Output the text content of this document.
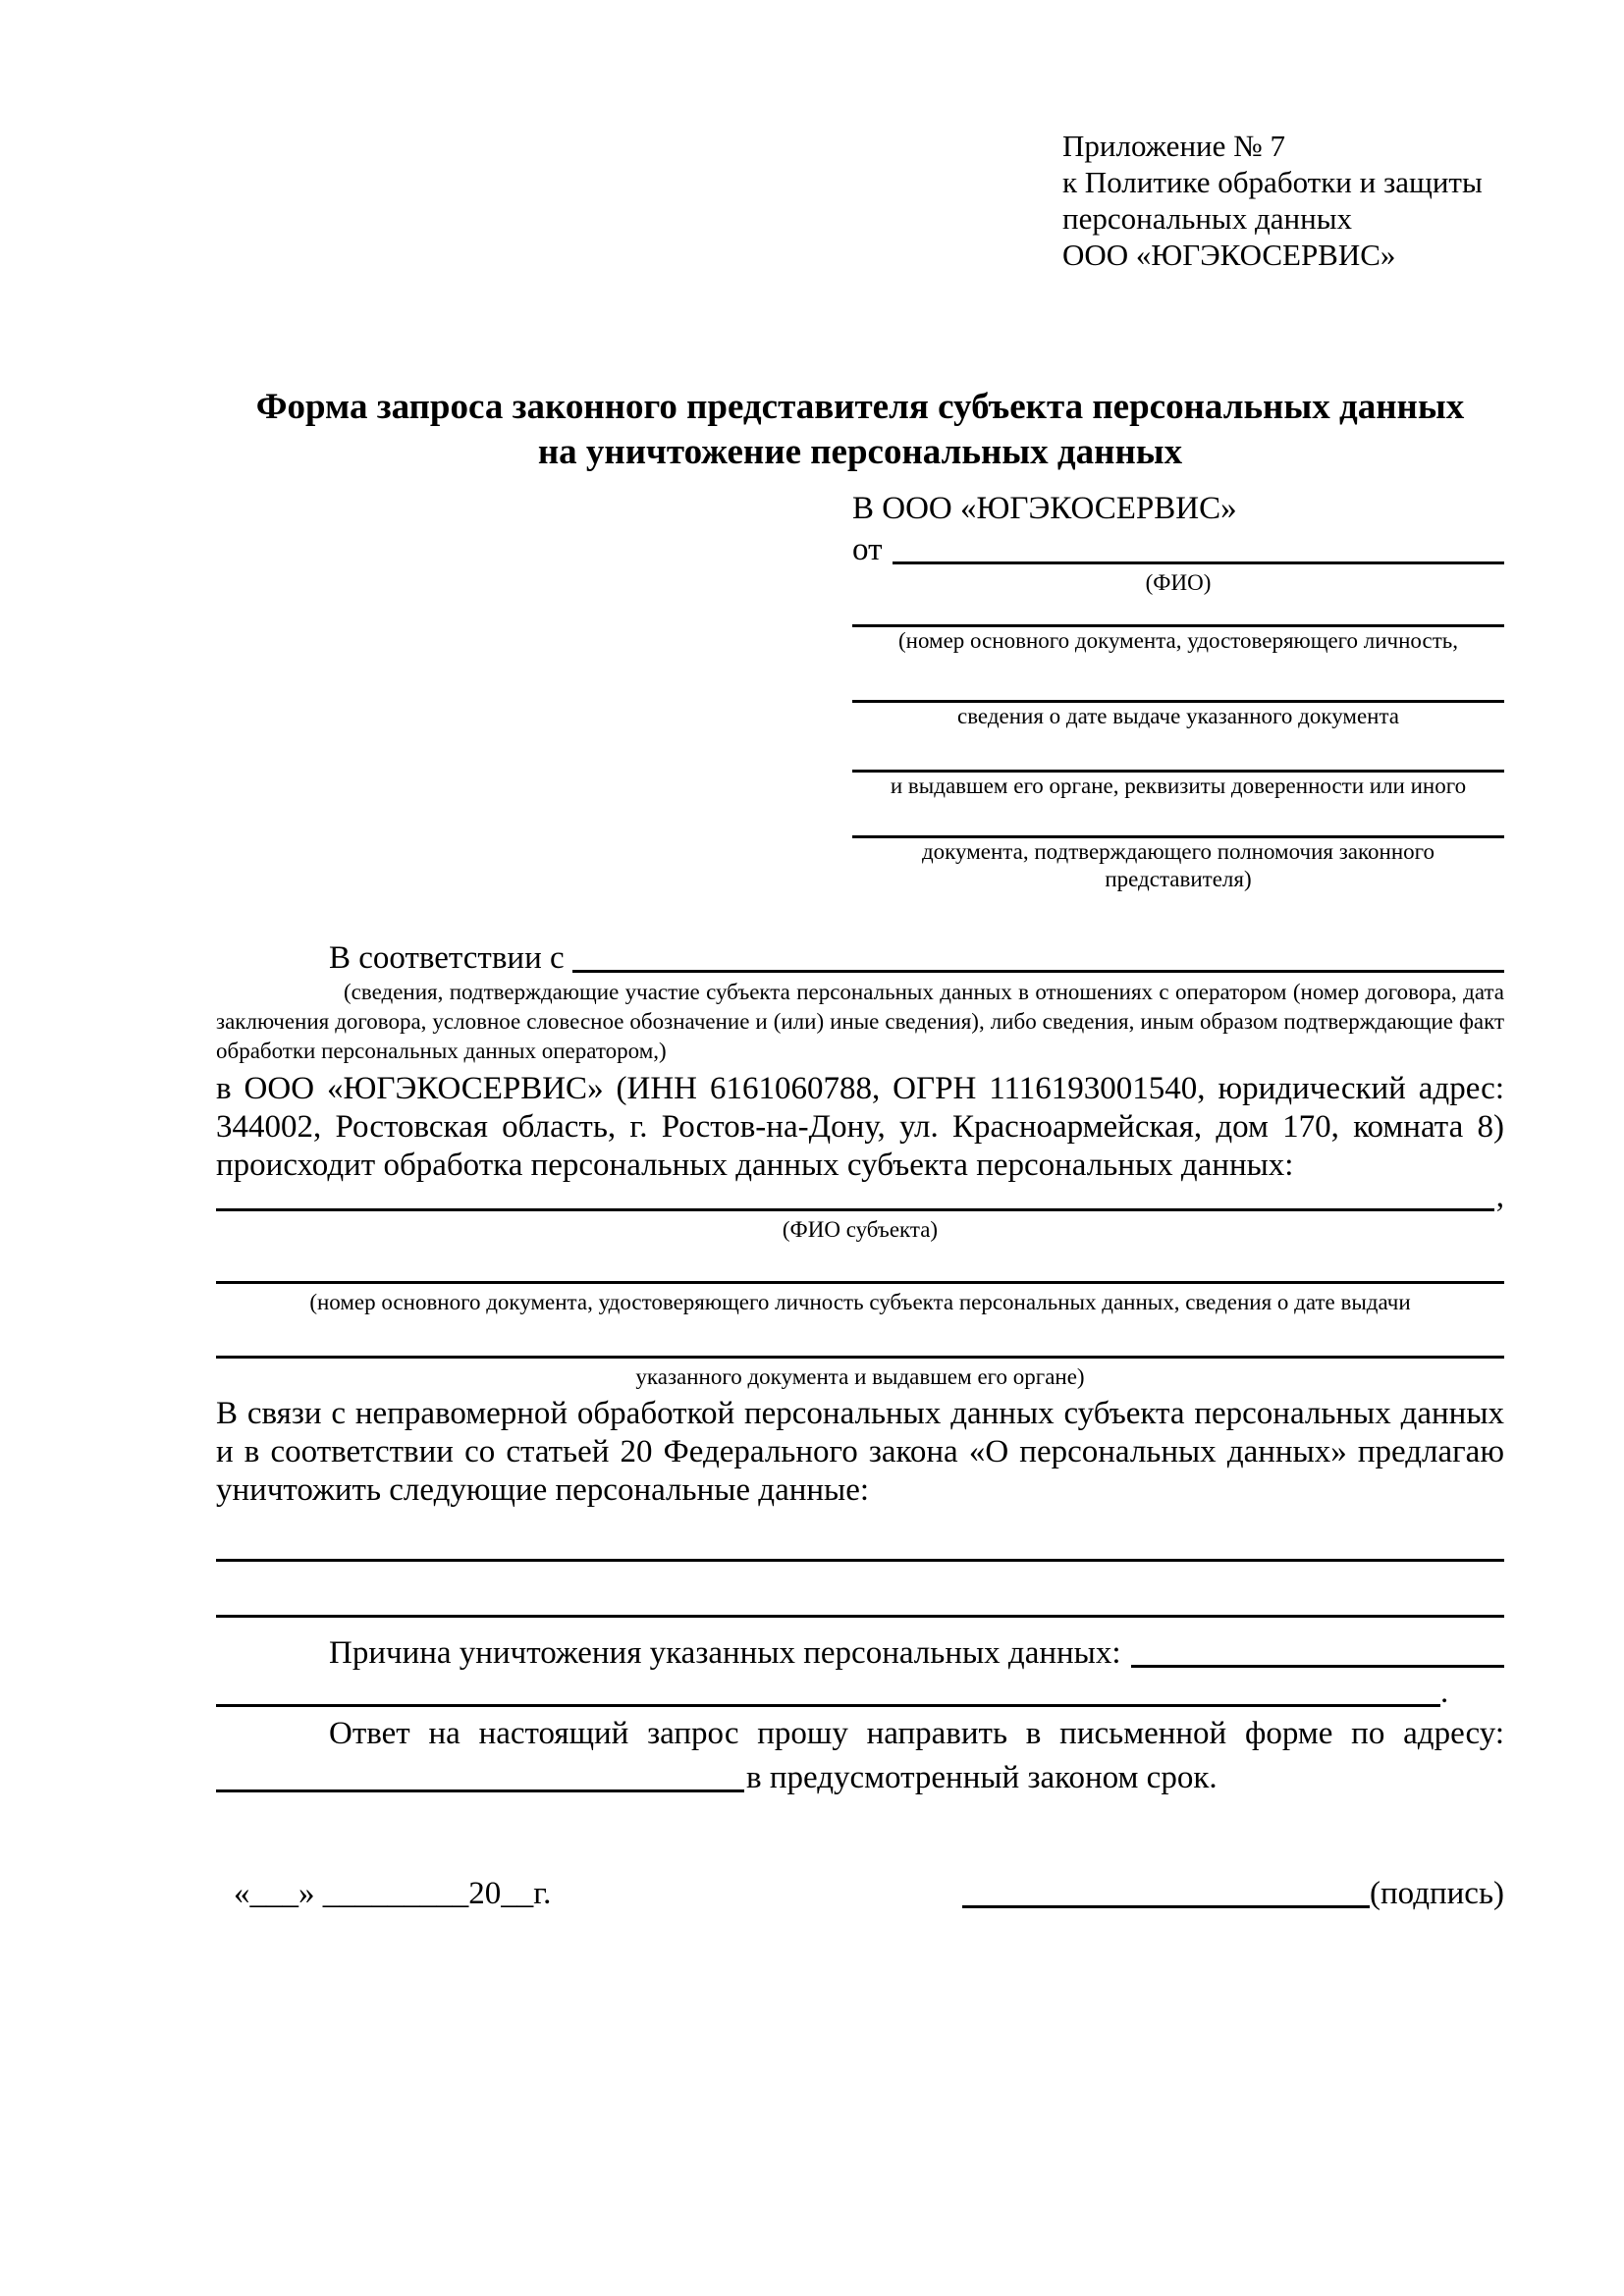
Приложение № 7
к Политике обработки и защиты
персональных данных
ООО «ЮГЭКОСЕРВИС»
Форма запроса законного представителя субъекта персональных данных
на уничтожение персональных данных
В ООО «ЮГЭКОСЕРВИС»
от
(ФИО)
(номер основного документа, удостоверяющего личность,
сведения о дате выдаче указанного документа
и выдавшем его органе, реквизиты доверенности или иного
документа, подтверждающего полномочия законного представителя)
В соответствии с
(сведения, подтверждающие участие субъекта персональных данных в отношениях с оператором (номер договора, дата заключения договора, условное словесное обозначение и (или) иные сведения), либо сведения, иным образом подтверждающие факт обработки персональных данных оператором,)
в ООО «ЮГЭКОСЕРВИС» (ИНН 6161060788, ОГРН 1116193001540, юридический адрес: 344002, Ростовская область, г. Ростов-на-Дону, ул. Красноармейская, дом 170, комната 8) происходит обработка персональных данных субъекта персональных данных:
,
(ФИО субъекта)
(номер основного документа, удостоверяющего личность субъекта персональных данных, сведения о дате выдачи
указанного документа и выдавшем его органе)
В связи с неправомерной обработкой персональных данных субъекта персональных данных и в соответствии со статьей 20 Федерального закона «О персональных данных» предлагаю уничтожить следующие персональные данные:
Причина уничтожения указанных персональных данных:
.
Ответ на настоящий запрос прошу направить в письменной форме по адресу:
в предусмотренный законом срок.
«___» _________20__г.	(подпись)
